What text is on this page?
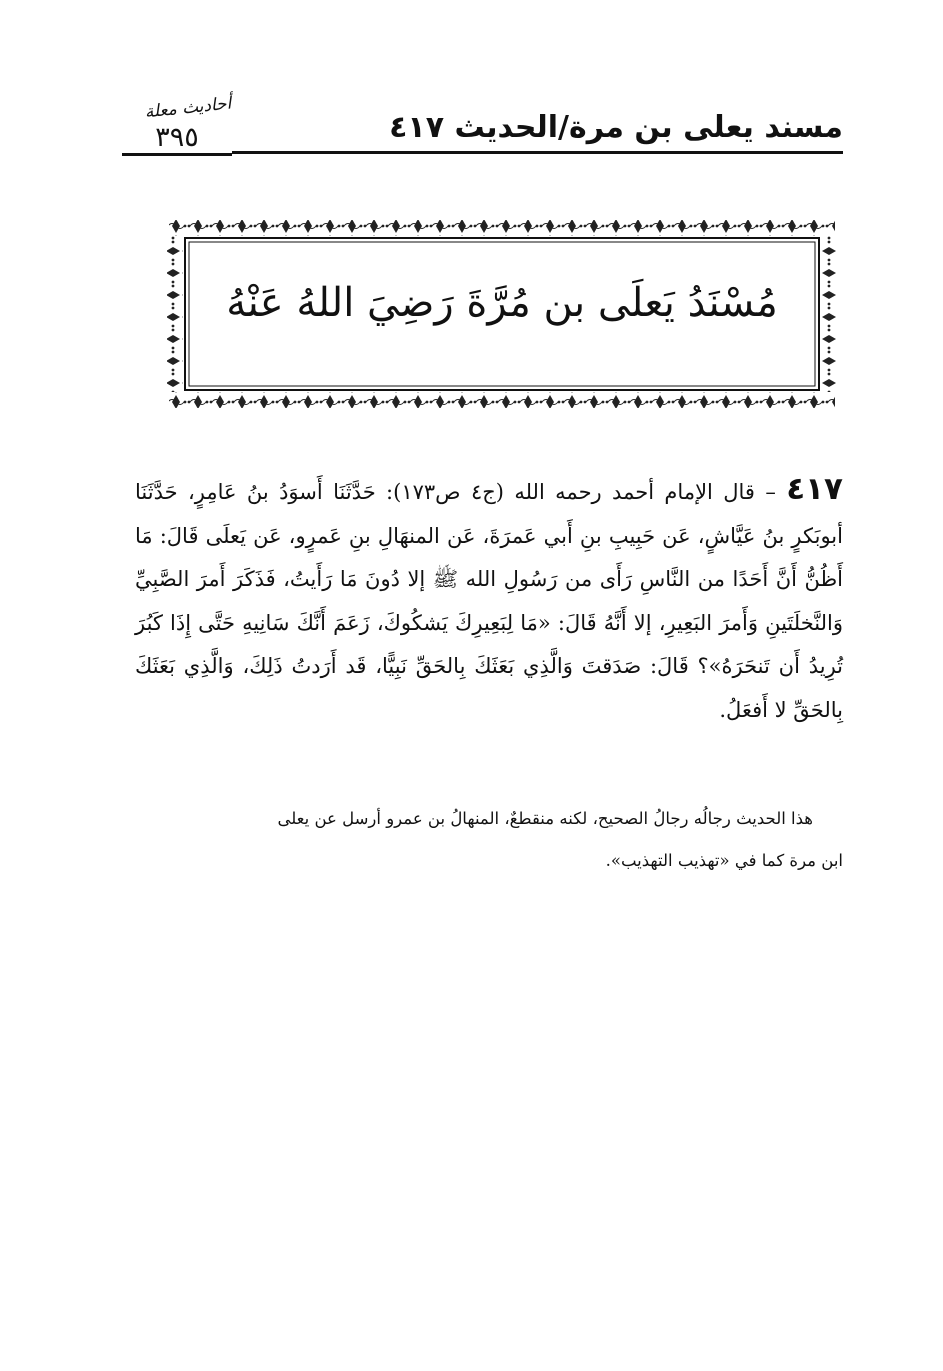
مسند يعلى بن مرة/الحديث ٤١٧
أحاديث معلة
٣٩٥
مُسْنَدُ يَعلَى بن مُرَّةَ رَضِيَ اللهُ عَنْهُ
٤١٧ – قال الإمام أحمد رحمه الله (ج٤ ص١٧٣): حَدَّثَنَا أَسوَدُ بنُ عَامِرٍ، حَدَّثَنَا أبوبَكرٍ بنُ عَيَّاشٍ، عَن حَبِيبِ بنِ أَبي عَمرَةَ، عَن المنهَالِ بنِ عَمرٍو، عَن يَعلَى قَالَ: مَا أَظُنُّ أَنَّ أَحَدًا من النَّاسِ رَأَى من رَسُولِ الله ﷺ إلا دُونَ مَا رَأَيتُ، فَذَكَرَ أَمرَ الصَّبِيِّ وَالنَّخلَتَينِ وَأَمرَ البَعِيرِ، إلا أَنَّهُ قَالَ: «مَا لِبَعِيرِكَ يَشكُوكَ، زَعَمَ أَنَّكَ سَانِيهِ حَتَّى إِذَا كَبُرَ تُرِيدُ أَن تَنحَرَهُ»؟ قَالَ: صَدَقتَ وَالَّذِي بَعَثَكَ بِالحَقِّ نَبِيًّا، قَد أَرَدتُ ذَلِكَ، وَالَّذِي بَعَثَكَ بِالحَقِّ لا أَفعَلُ.

هذا الحديث رجالُه رجالُ الصحيح، لكنه منقطعٌ، المنهالُ بن عمرو أرسل عن يعلى

ابن مرة كما في «تهذيب التهذيب».
